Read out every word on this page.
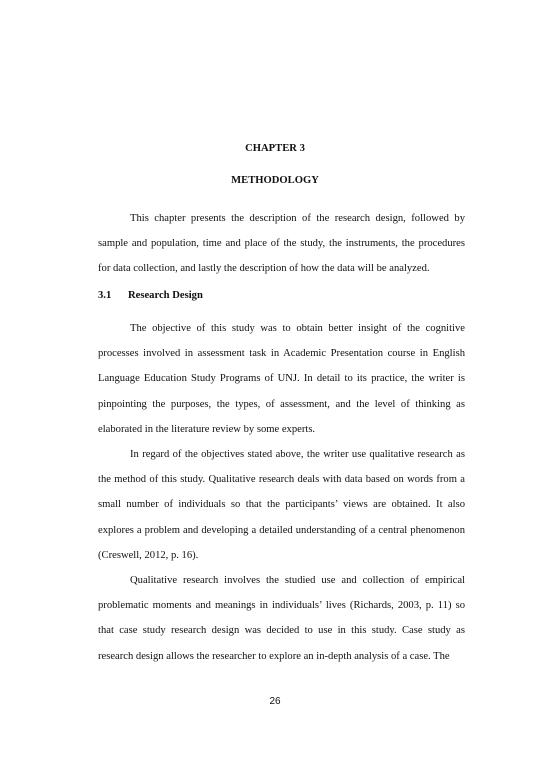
CHAPTER 3
METHODOLOGY

This chapter presents the description of the research design, followed by sample and population, time and place of the study, the instruments, the procedures for data collection, and lastly the description of how the data will be analyzed.

3.1 Research Design

The objective of this study was to obtain better insight of the cognitive processes involved in assessment task in Academic Presentation course in English Language Education Study Programs of UNJ. In detail to its practice, the writer is pinpointing the purposes, the types, of assessment, and the level of thinking as elaborated in the literature review by some experts.

In regard of the objectives stated above, the writer use qualitative research as the method of this study. Qualitative research deals with data based on words from a small number of individuals so that the participants’ views are obtained. It also explores a problem and developing a detailed understanding of a central phenomenon (Creswell, 2012, p. 16).

Qualitative research involves the studied use and collection of empirical problematic moments and meanings in individuals’ lives (Richards, 2003, p. 11) so that case study research design was decided to use in this study. Case study as research design allows the researcher to explore an in-depth analysis of a case. The

26
